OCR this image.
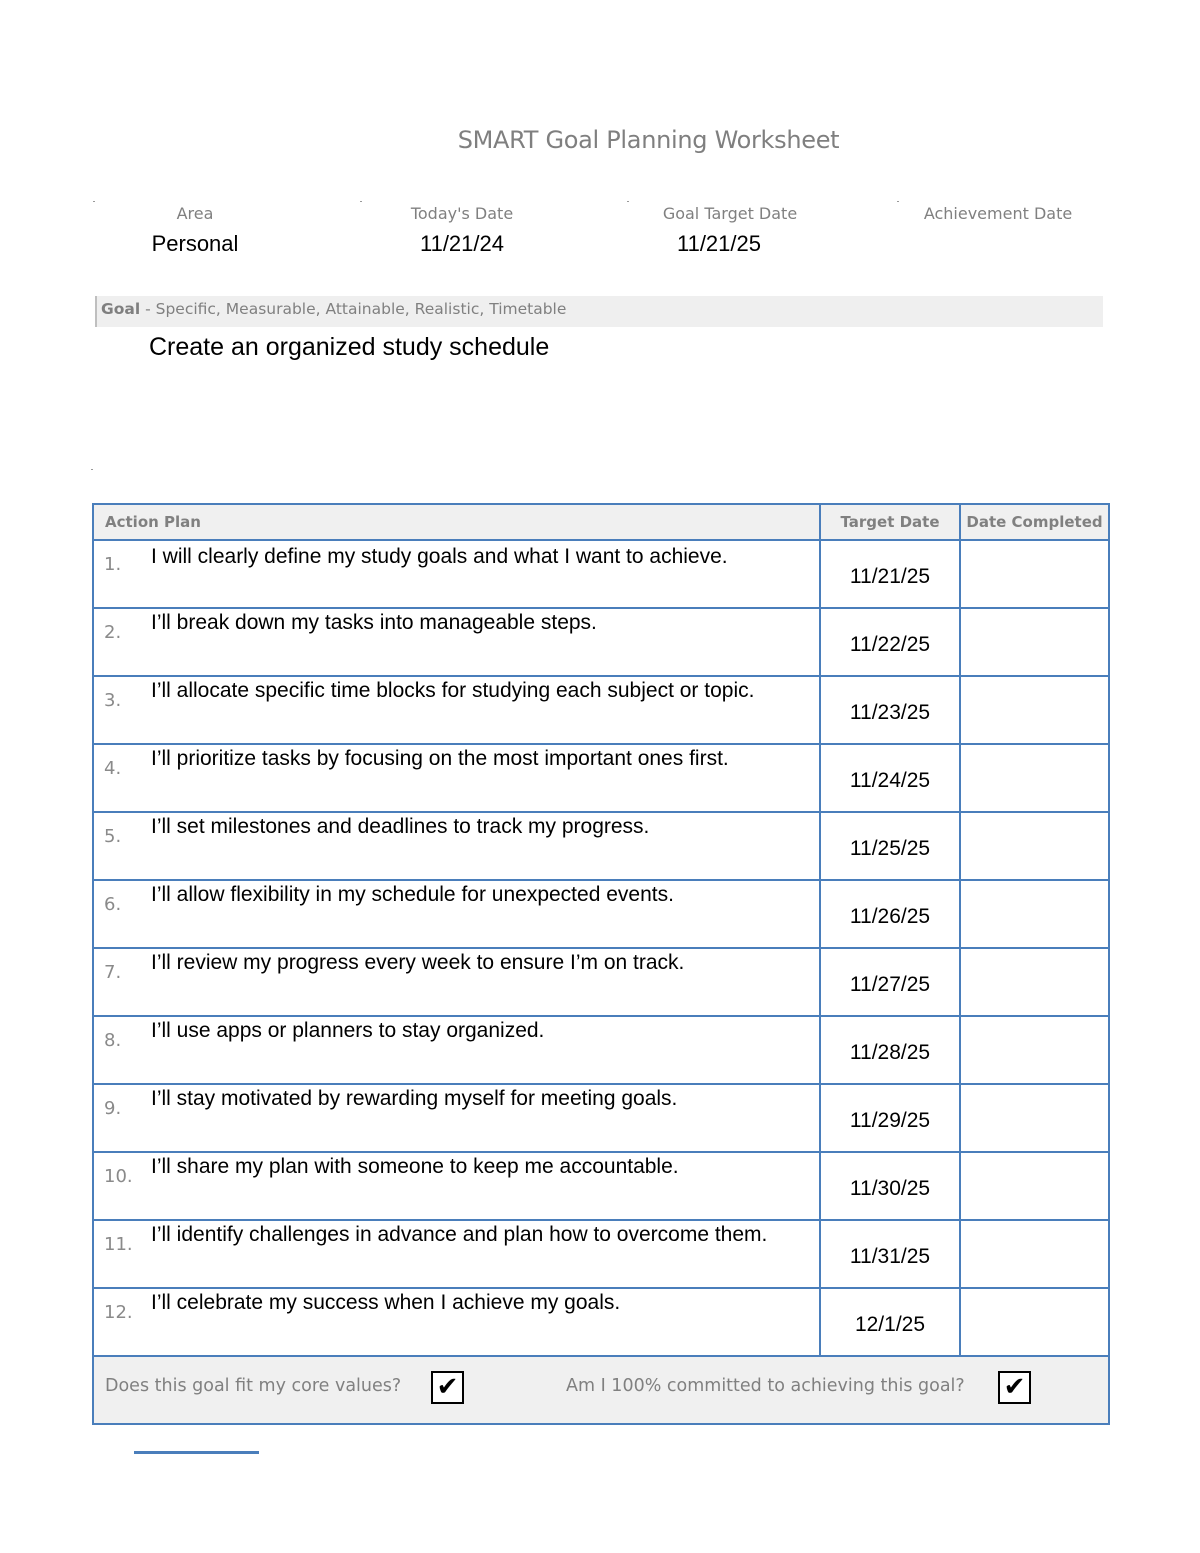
SMART Goal Planning Worksheet
Area
Personal
Today's Date
11/21/24
Goal Target Date
11/21/25
Achievement Date
Goal - Specific, Measurable, Attainable, Realistic, Timetable
Create an organized study schedule
Action Plan	Target Date	Date Completed

1. I will clearly define my study goals and what I want to achieve.	11/21/25	

2. I’ll break down my tasks into manageable steps.	11/22/25	

3. I’ll allocate specific time blocks for studying each subject or topic.	11/23/25	

4. I’ll prioritize tasks by focusing on the most important ones first.	11/24/25	

5. I’ll set milestones and deadlines to track my progress.	11/25/25	

6. I’ll allow flexibility in my schedule for unexpected events.	11/26/25	

7. I’ll review my progress every week to ensure I’m on track.	11/27/25	

8. I’ll use apps or planners to stay organized.	11/28/25	

9. I’ll stay motivated by rewarding myself for meeting goals.	11/29/25	

10. I’ll share my plan with someone to keep me accountable.	11/30/25	

11. I’ll identify challenges in advance and plan how to overcome them.	11/31/25	

12. I’ll celebrate my success when I achieve my goals.	12/1/25	

Does this goal fit my core values? ✔ Am I 100% committed to achieving this goal? ✔		
